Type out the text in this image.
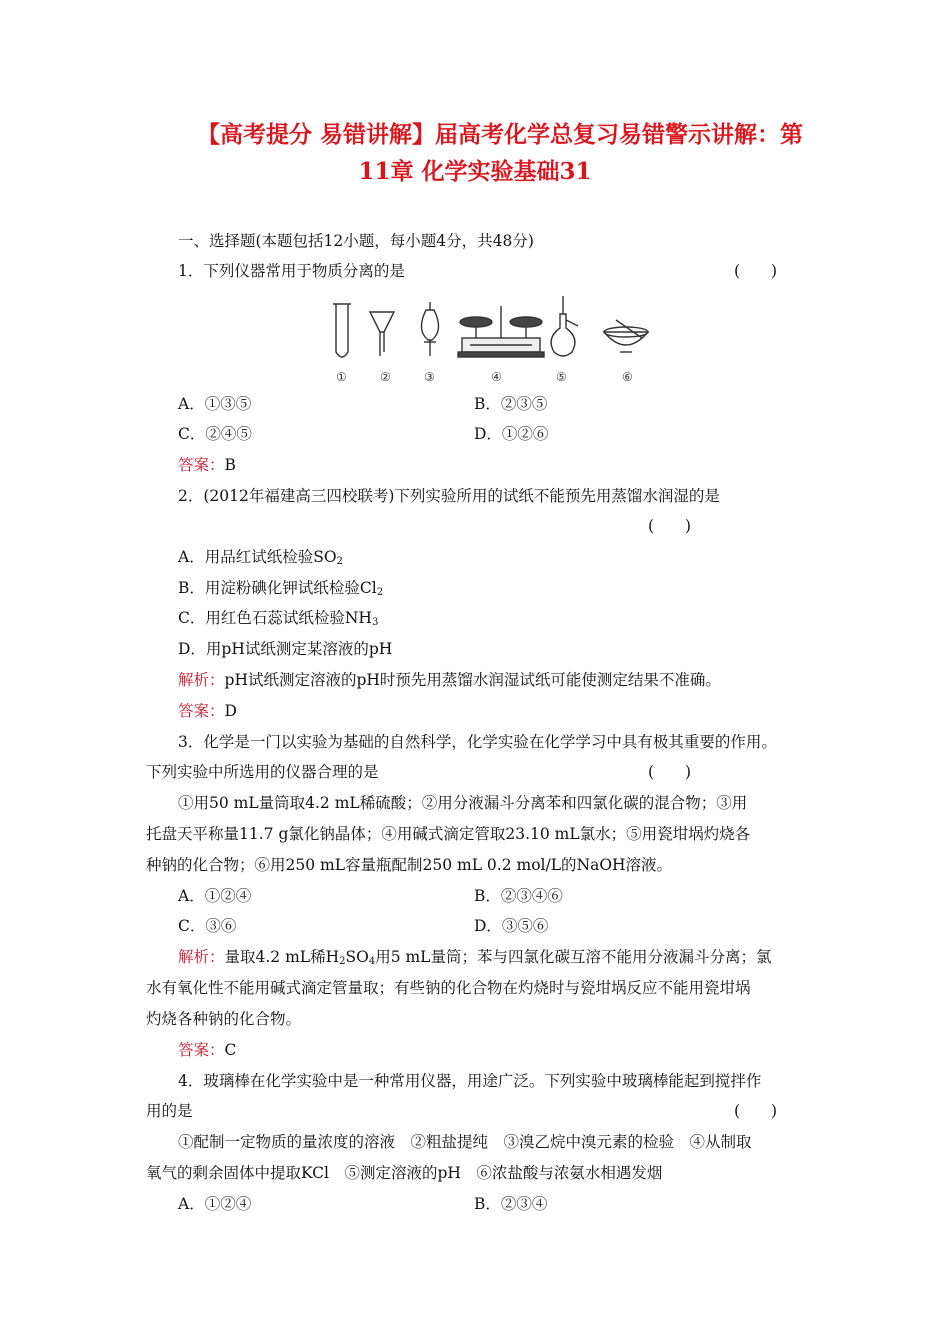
【高考提分 易错讲解】届高考化学总复习易错警示讲解：第
11章 化学实验基础31
一、选择题(本题包括12小题，每小题4分，共48分)
1．下列仪器常用于物质分离的是	(　　)
①	②	③	④	⑤	⑥
A．①③⑤	B．②③⑤
C．②④⑤	D．①②⑥
答案：B
2．(2012年福建高三四校联考)下列实验所用的试纸不能预先用蒸馏水润湿的是
(　　)
A．用品红试纸检验$SO_2$
B．用淀粉碘化钾试纸检验$Cl_2$
C．用红色石蕊试纸检验$NH_3$
D．用pH试纸测定某溶液的pH
解析：pH试纸测定溶液的pH时预先用蒸馏水润湿试纸可能使测定结果不准确。
答案：D
3．化学是一门以实验为基础的自然科学，化学实验在化学学习中具有极其重要的作用。
下列实验中所选用的仪器合理的是	(　　)
①用50 mL量筒取4.2 mL稀硫酸；②用分液漏斗分离苯和四氯化碳的混合物；③用
托盘天平称量11.7 g氯化钠晶体；④用碱式滴定管取23.10 mL氯水；⑤用瓷坩埚灼烧各
种钠的化合物；⑥用250 mL容量瓶配制250 mL 0.2 mol/L的NaOH溶液。
A．①②④	B．②③④⑥
C．③⑥	D．③⑤⑥
解析：量取4.2 mL稀$H_2SO_4$用5 mL量筒；苯与四氯化碳互溶不能用分液漏斗分离；氯
水有氧化性不能用碱式滴定管量取；有些钠的化合物在灼烧时与瓷坩埚反应不能用瓷坩埚
灼烧各种钠的化合物。
答案：C
4．玻璃棒在化学实验中是一种常用仪器，用途广泛。下列实验中玻璃棒能起到搅拌作
用的是	(　　)
①配制一定物质的量浓度的溶液　②粗盐提纯　③溴乙烷中溴元素的检验　④从制取
氧气的剩余固体中提取KCl　⑤测定溶液的pH　⑥浓盐酸与浓氨水相遇发烟
A．①②④	B．②③④
